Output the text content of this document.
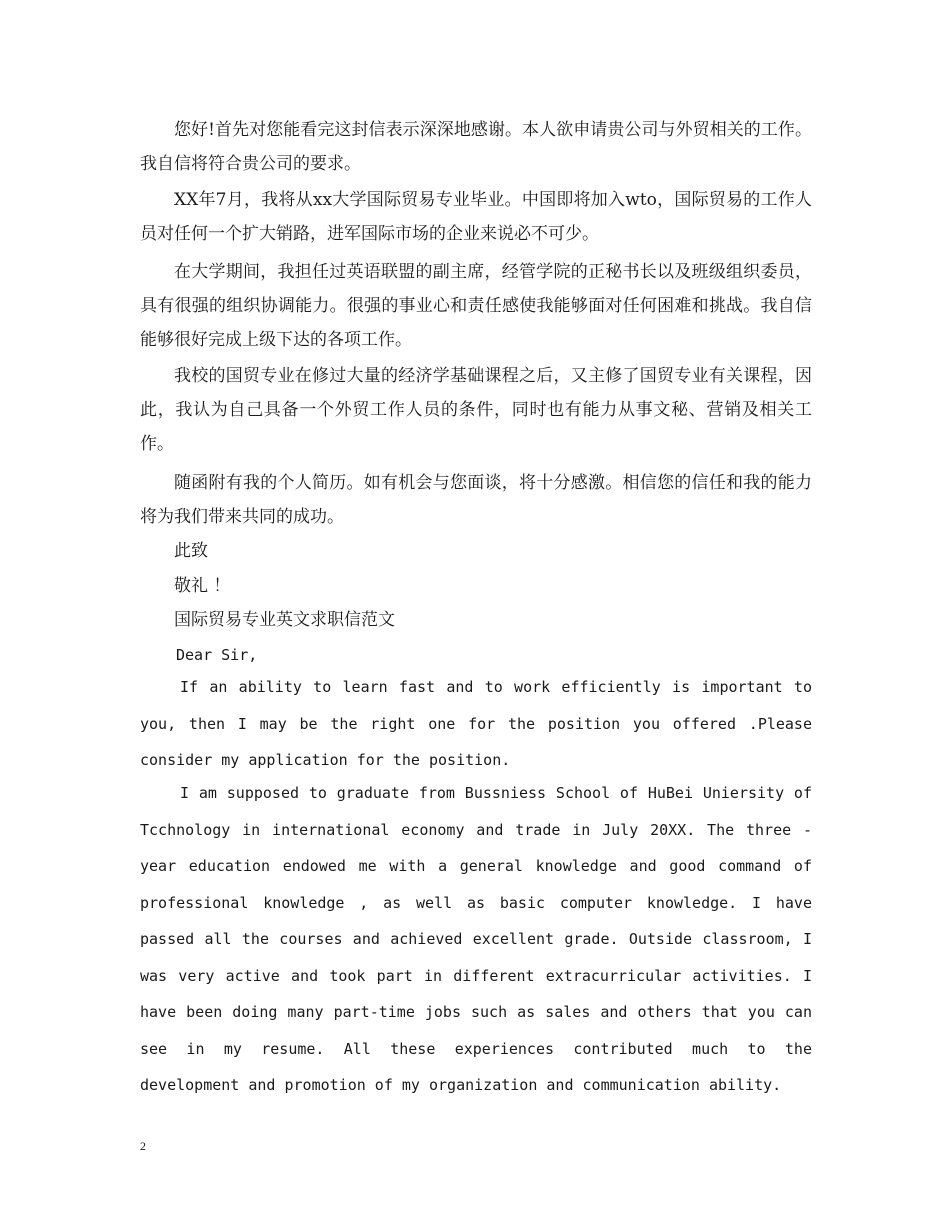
您好!首先对您能看完这封信表示深深地感谢。本人欲申请贵公司与外贸相关的工作。我自信将符合贵公司的要求。

XX年7月，我将从xx大学国际贸易专业毕业。中国即将加入wto，国际贸易的工作人员对任何一个扩大销路，进军国际市场的企业来说必不可少。

在大学期间，我担任过英语联盟的副主席，经管学院的正秘书长以及班级组织委员，具有很强的组织协调能力。很强的事业心和责任感使我能够面对任何困难和挑战。我自信能够很好完成上级下达的各项工作。

我校的国贸专业在修过大量的经济学基础课程之后，又主修了国贸专业有关课程，因此，我认为自己具备一个外贸工作人员的条件，同时也有能力从事文秘、营销及相关工作。

随函附有我的个人简历。如有机会与您面谈，将十分感激。相信您的信任和我的能力将为我们带来共同的成功。

此致

敬礼 ！

国际贸易专业英文求职信范文

Dear Sir,

If an ability to learn fast and to work efficiently is important to you, then I may be the right one for the position you offered .Please consider my application for the position.

I am supposed to graduate from Bussniess School of HuBei Uniersity of Tcchnology in international economy and trade in July 20XX. The three -year education endowed me with a general knowledge and good command of professional knowledge , as well as basic computer knowledge. I have passed all the courses and achieved excellent grade. Outside classroom, I was very active and took part in different extracurricular activities. I have been doing many part-time jobs such as sales and others that you can see in my resume. All these experiences contributed much to the development and promotion of my organization and communication ability.

2
